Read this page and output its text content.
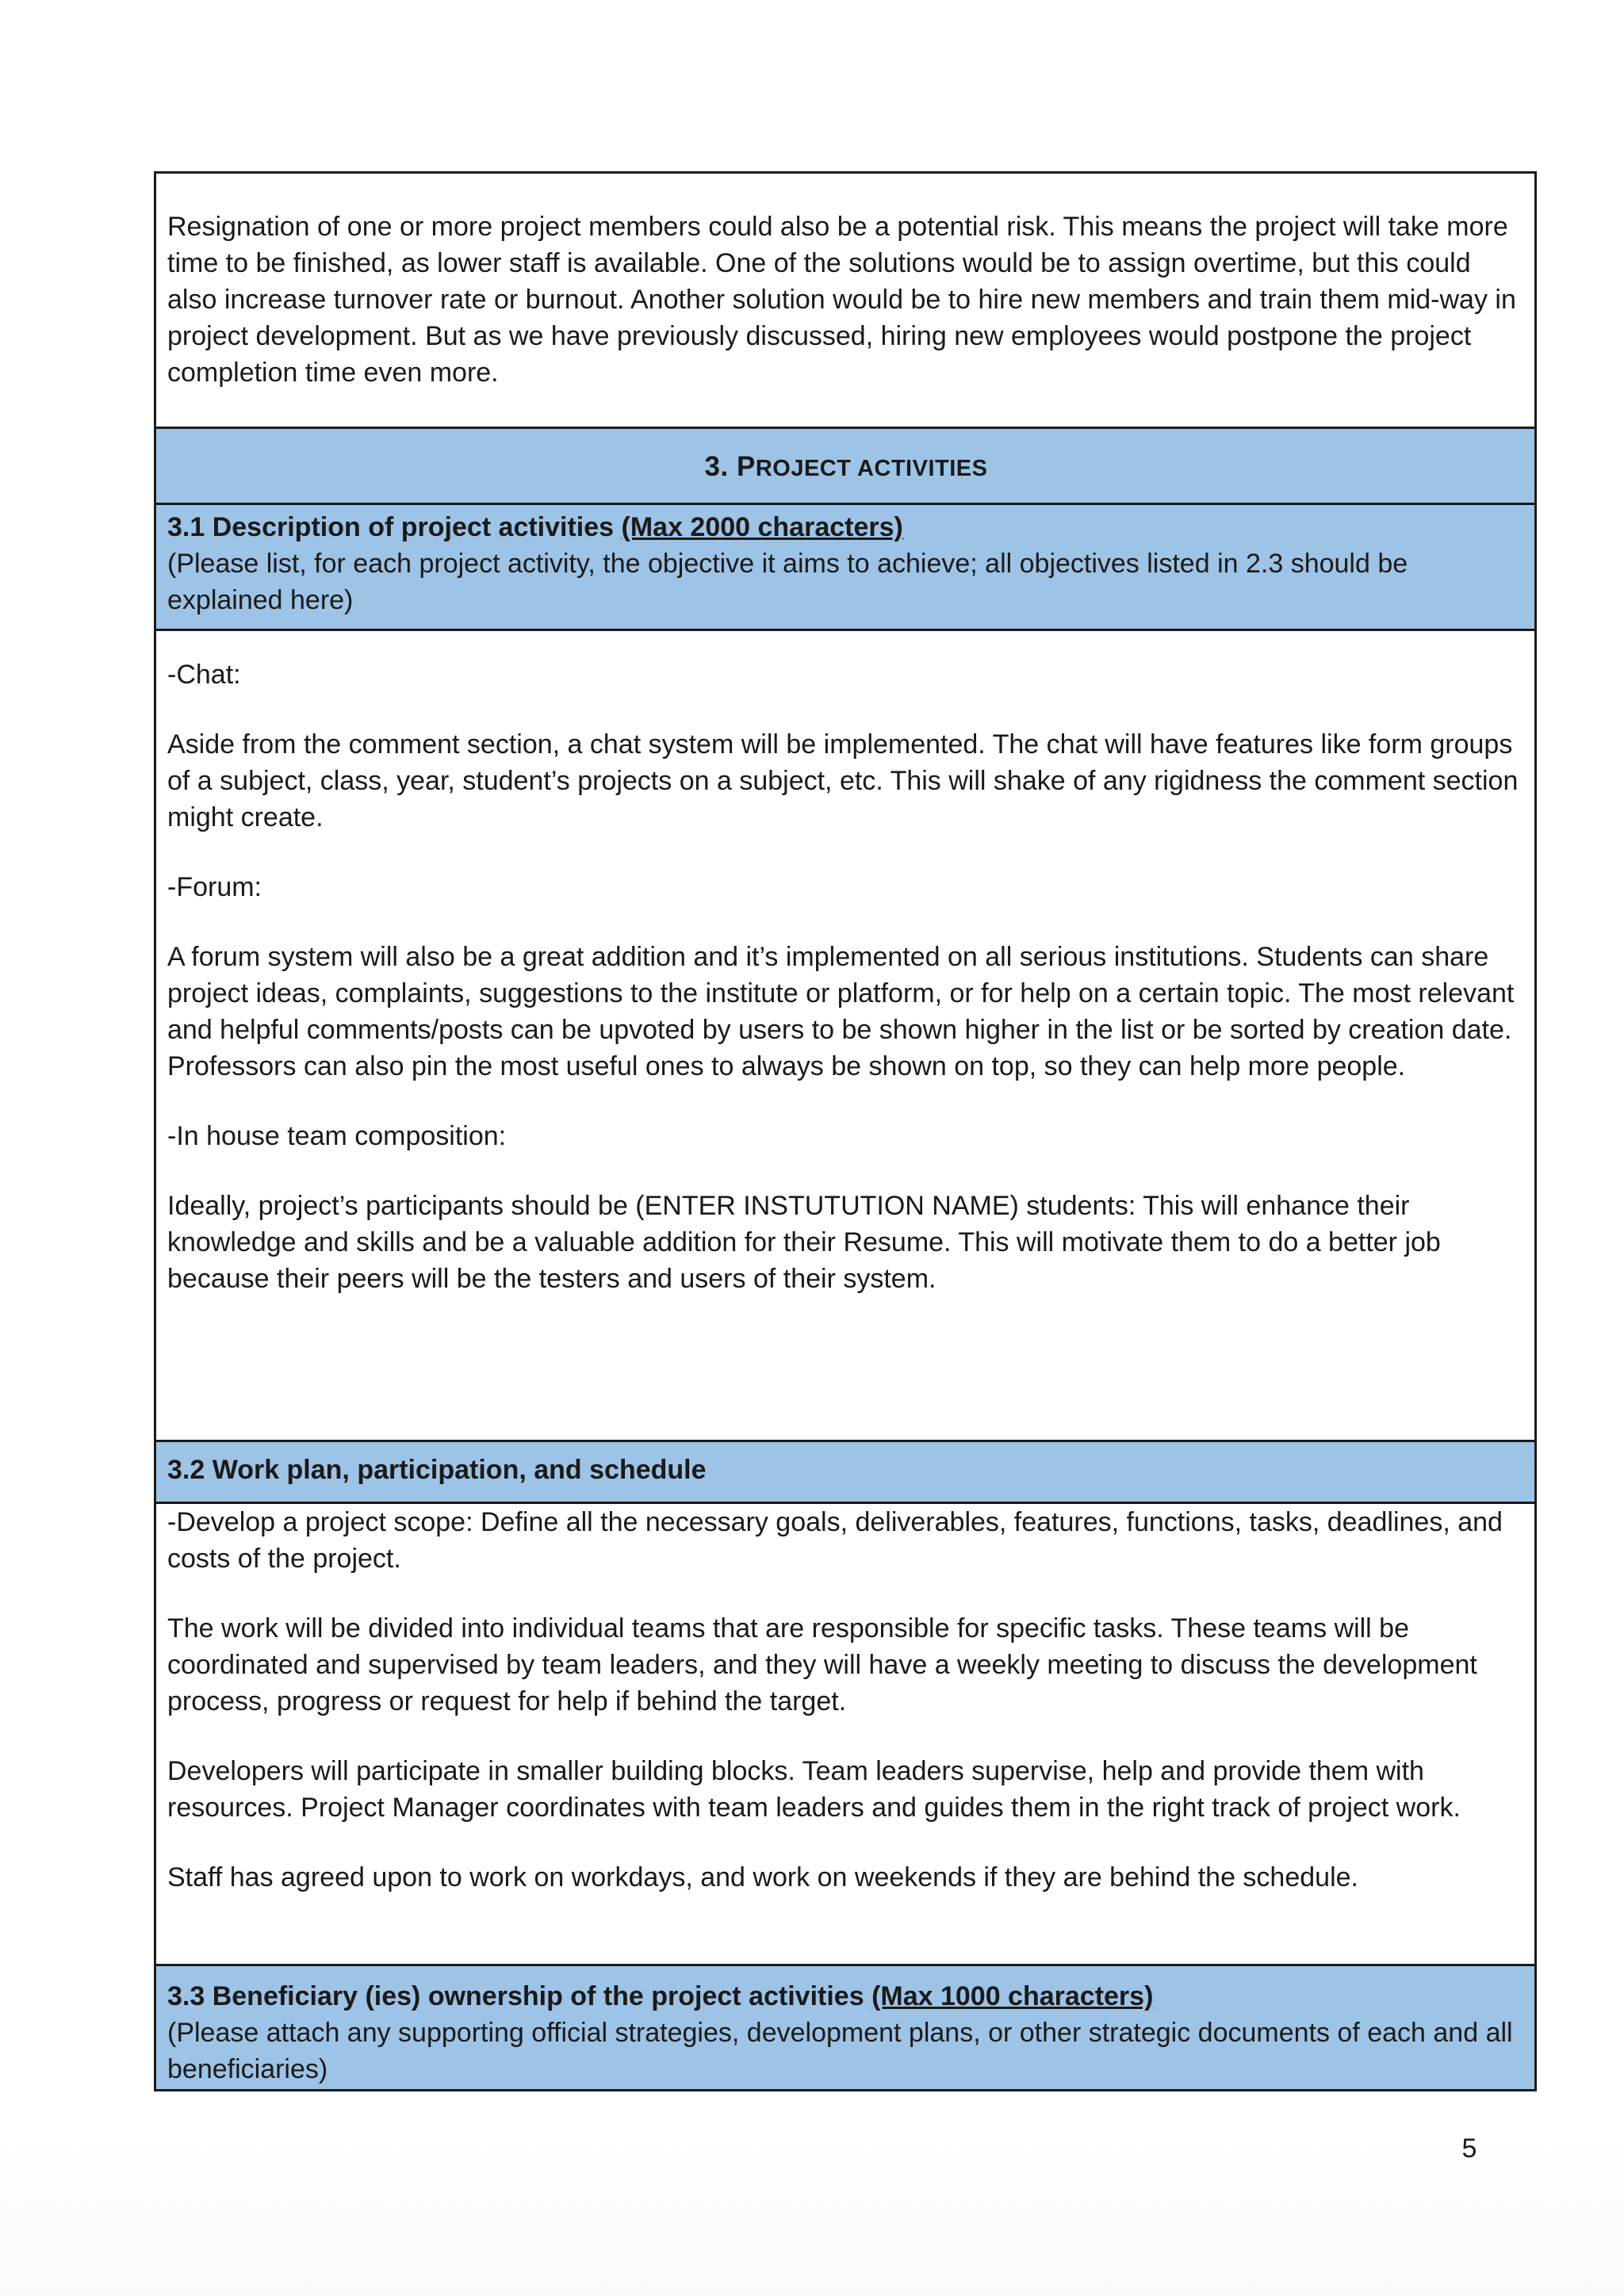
Resignation of one or more project members could also be a potential risk. This means the project will take more time to be finished, as lower staff is available. One of the solutions would be to assign overtime, but this could also increase turnover rate or burnout. Another solution would be to hire new members and train them mid-way in project development. But as we have previously discussed, hiring new employees would postpone the project completion time even more.

3. PROJECT ACTIVITIES

3.1 Description of project activities (Max 2000 characters)

(Please list, for each project activity, the objective it aims to achieve; all objectives listed in 2.3 should be explained here)

-Chat:

Aside from the comment section, a chat system will be implemented. The chat will have features like form groups of a subject, class, year, student’s projects on a subject, etc. This will shake of any rigidness the comment section might create.

-Forum:

A forum system will also be a great addition and it’s implemented on all serious institutions. Students can share project ideas, complaints, suggestions to the institute or platform, or for help on a certain topic. The most relevant and helpful comments/posts can be upvoted by users to be shown higher in the list or be sorted by creation date. Professors can also pin the most useful ones to always be shown on top, so they can help more people.

-In house team composition:

Ideally, project’s participants should be (ENTER INSTUTUTION NAME) students: This will enhance their knowledge and skills and be a valuable addition for their Resume. This will motivate them to do a better job because their peers will be the testers and users of their system.

3.2 Work plan, participation, and schedule

-Develop a project scope: Define all the necessary goals, deliverables, features, functions, tasks, deadlines, and costs of the project.

The work will be divided into individual teams that are responsible for specific tasks. These teams will be coordinated and supervised by team leaders, and they will have a weekly meeting to discuss the development process, progress or request for help if behind the target.

Developers will participate in smaller building blocks. Team leaders supervise, help and provide them with resources. Project Manager coordinates with team leaders and guides them in the right track of project work.

Staff has agreed upon to work on workdays, and work on weekends if they are behind the schedule.

3.3 Beneficiary (ies) ownership of the project activities (Max 1000 characters)

(Please attach any supporting official strategies, development plans, or other strategic documents of each and all beneficiaries)

5
